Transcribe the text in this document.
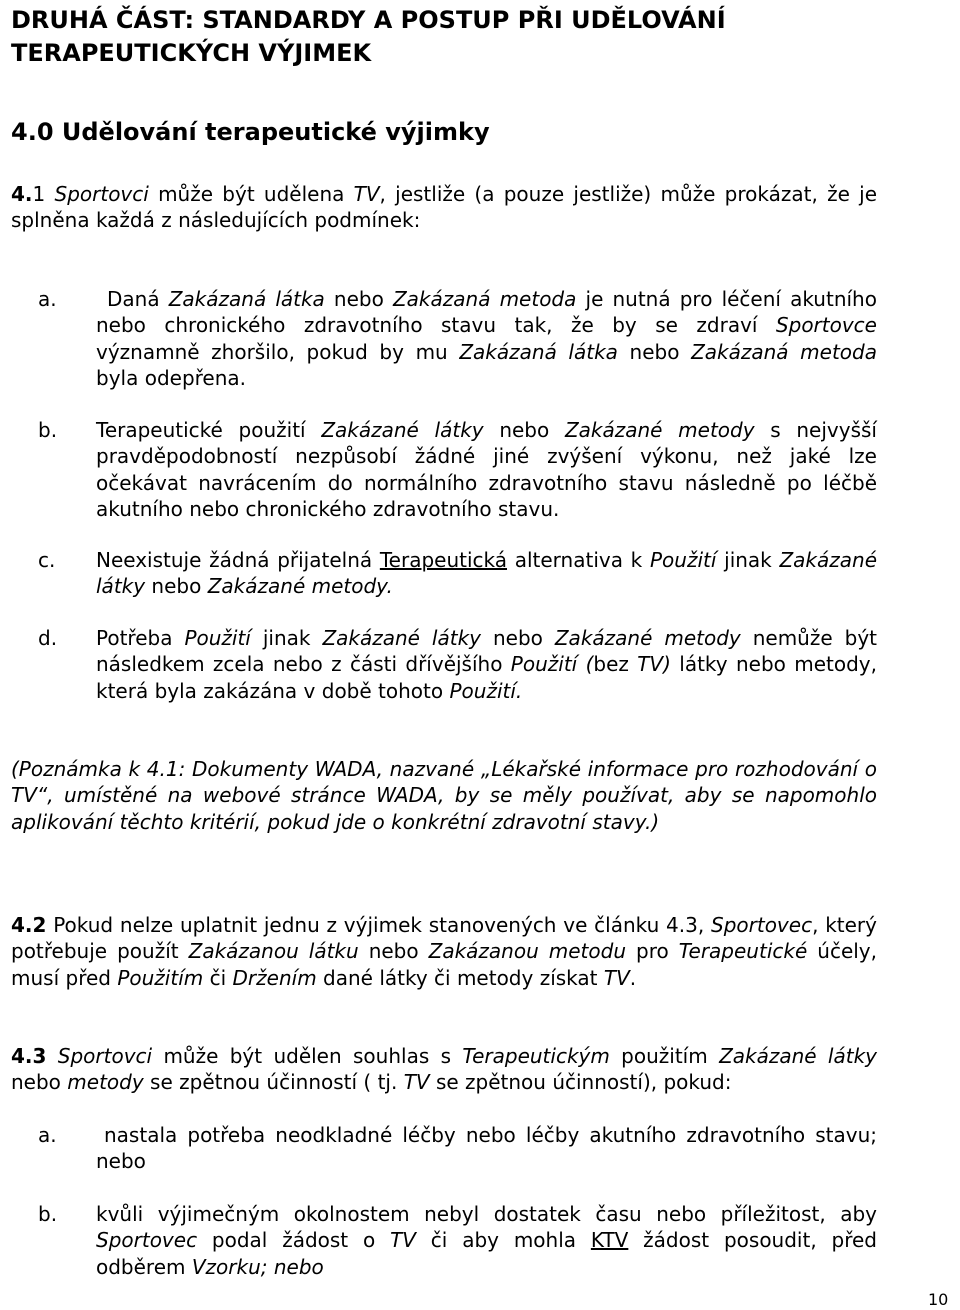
DRUHÁ ČÁST: STANDARDY A POSTUP PŘI UDĚLOVÁNÍ
TERAPEUTICKÝCH VÝJIMEK
4.0 Udělování terapeutické výjimky

4.1 Sportovci může být udělena TV, jestliže (a pouze jestliže) může prokázat, že je splněna každá z následujících podmínek:

a.	Daná Zakázaná látka nebo Zakázaná metoda je nutná pro léčení akutního nebo chronického zdravotního stavu tak, že by se zdraví Sportovce významně zhoršilo, pokud by mu Zakázaná látka nebo Zakázaná metoda byla odepřena.

b. Terapeutické použití Zakázané látky nebo Zakázané metody s nejvyšší pravděpodobností nezpůsobí žádné jiné zvýšení výkonu, než jaké lze očekávat navrácením do normálního zdravotního stavu následně po léčbě akutního nebo chronického zdravotního stavu.

c. Neexistuje žádná přijatelná Terapeutická alternativa k Použití jinak Zakázané látky nebo Zakázané metody.

d. Potřeba Použití jinak Zakázané látky nebo Zakázané metody nemůže být následkem zcela nebo z části dřívějšího Použití (bez TV) látky nebo metody, která byla zakázána v době tohoto Použití.

(Poznámka k 4.1: Dokumenty WADA, nazvané „Lékařské informace pro rozhodování o TV“, umístěné na webové stránce WADA, by se měly používat, aby se napomohlo aplikování těchto kritérií, pokud jde o konkrétní zdravotní stavy.)

4.2 Pokud nelze uplatnit jednu z výjimek stanovených ve článku 4.3, Sportovec, který potřebuje použít Zakázanou látku nebo Zakázanou metodu pro Terapeutické účely, musí před Použitím či Držením dané látky či metody získat TV.

4.3 Sportovci může být udělen souhlas s Terapeutickým použitím Zakázané látky nebo metody se zpětnou účinností ( tj. TV se zpětnou účinností), pokud:

a.	nastala potřeba neodkladné léčby nebo léčby akutního zdravotního stavu; nebo

b. kvůli výjimečným okolnostem nebyl dostatek času nebo příležitost, aby Sportovec podal žádost o TV či aby mohla KTV žádost posoudit, před odběrem Vzorku; nebo

10
